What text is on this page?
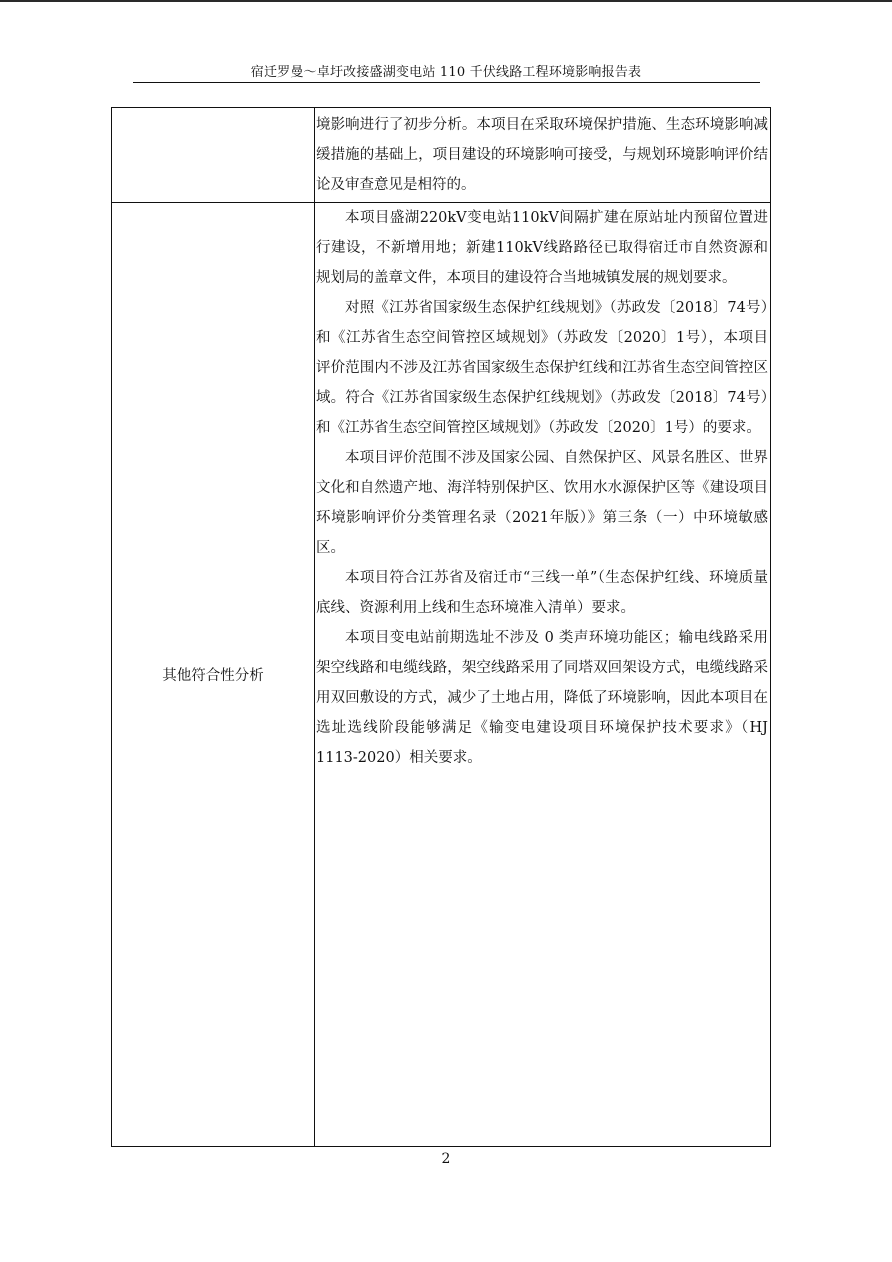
宿迁罗曼～卓圩改接盛湖变电站 110 千伏线路工程环境影响报告表

境影响进行了初步分析。本项目在采取环境保护措施、生态环境影响减缓措施的基础上，项目建设的环境影响可接受，与规划环境影响评价结论及审查意见是相符的。

其他符合性分析

本项目盛湖220kV变电站110kV间隔扩建在原站址内预留位置进行建设，不新增用地；新建110kV线路路径已取得宿迁市自然资源和规划局的盖章文件，本项目的建设符合当地城镇发展的规划要求。

对照《江苏省国家级生态保护红线规划》（苏政发〔2018〕74号）和《江苏省生态空间管控区域规划》（苏政发〔2020〕1号），本项目评价范围内不涉及江苏省国家级生态保护红线和江苏省生态空间管控区域。符合《江苏省国家级生态保护红线规划》（苏政发〔2018〕74号）和《江苏省生态空间管控区域规划》（苏政发〔2020〕1号）的要求。

本项目评价范围不涉及国家公园、自然保护区、风景名胜区、世界文化和自然遗产地、海洋特别保护区、饮用水水源保护区等《建设项目环境影响评价分类管理名录（2021年版）》第三条（一）中环境敏感区。

本项目符合江苏省及宿迁市“三线一单”（生态保护红线、环境质量底线、资源利用上线和生态环境准入清单）要求。

本项目变电站前期选址不涉及 0 类声环境功能区；输电线路采用架空线路和电缆线路，架空线路采用了同塔双回架设方式，电缆线路采用双回敷设的方式，减少了土地占用，降低了环境影响，因此本项目在选址选线阶段能够满足《输变电建设项目环境保护技术要求》（HJ 1113-2020）相关要求。

2
